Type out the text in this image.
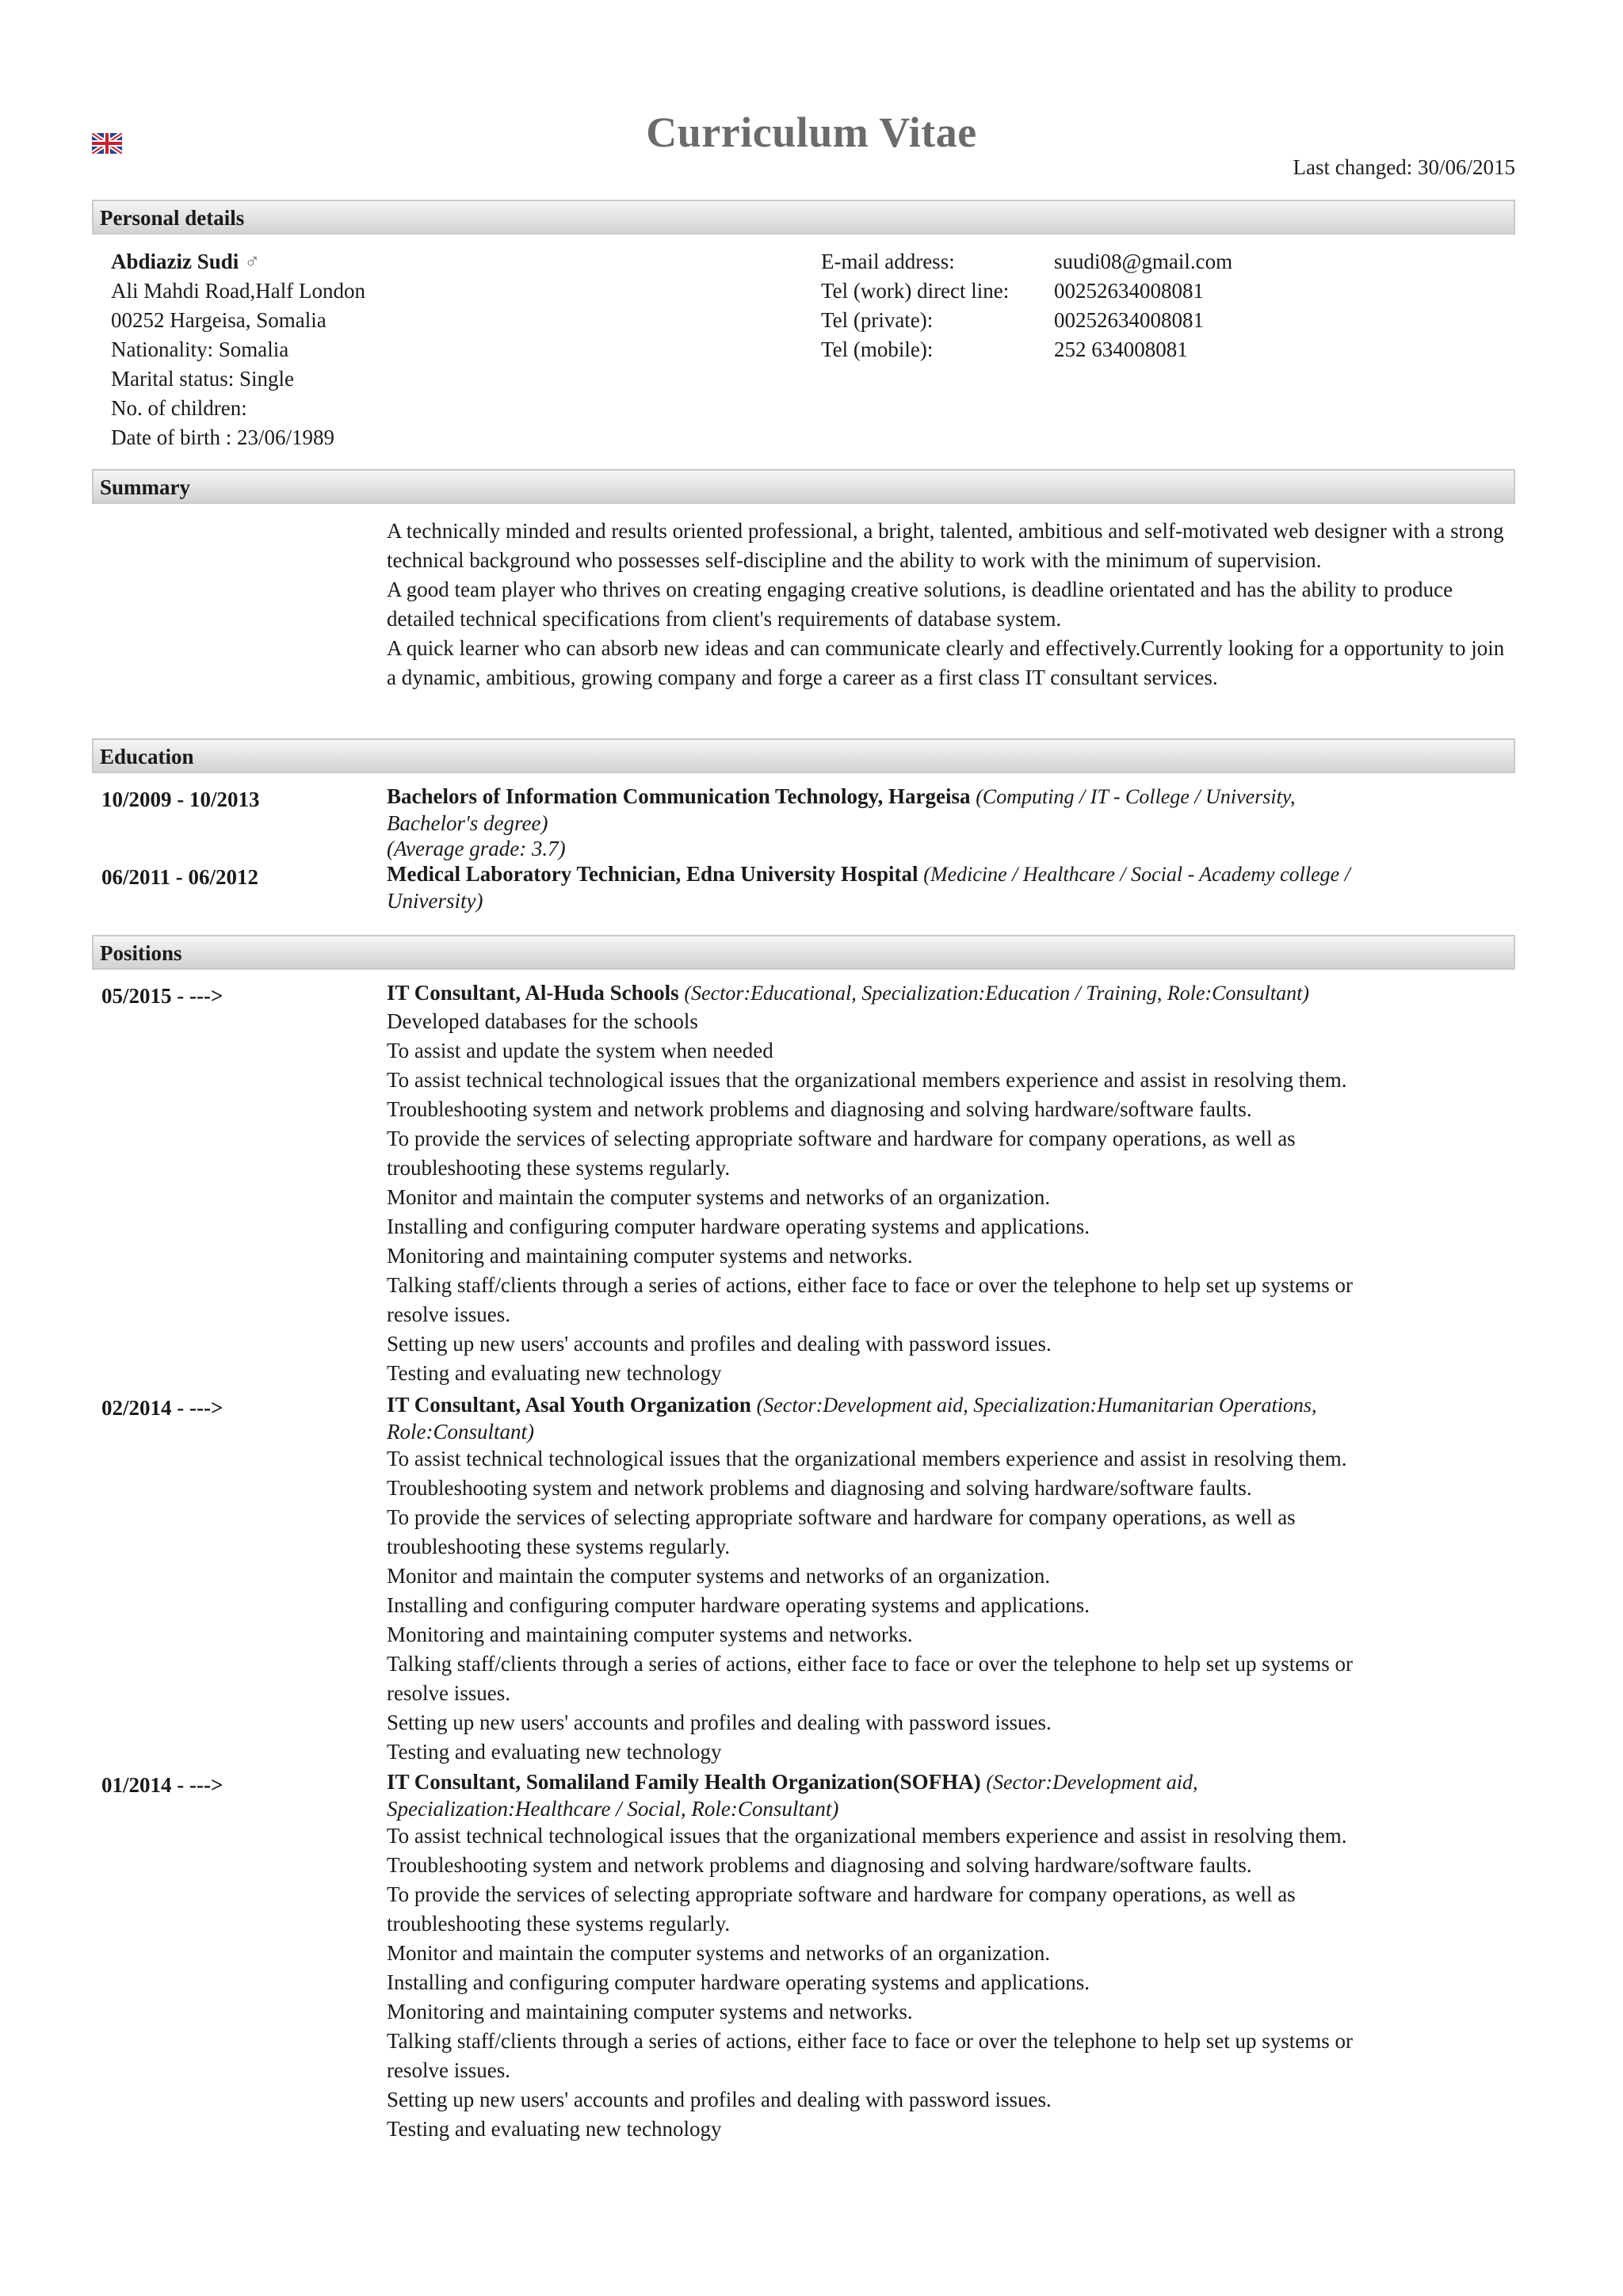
Curriculum Vitae
Last changed: 30/06/2015
Personal details
Abdiaziz Sudi ♂
Ali Mahdi Road,Half London
00252 Hargeisa, Somalia
Nationality: Somalia
Marital status: Single
No. of children:
Date of birth : 23/06/1989
E-mail address:	suudi08@gmail.com
Tel (work) direct line:	00252634008081
Tel (private):	00252634008081
Tel (mobile):	252 634008081
Summary

A technically minded and results oriented professional, a bright, talented, ambitious and self-motivated web designer with a strong technical background who possesses self-discipline and the ability to work with the minimum of supervision.

A good team player who thrives on creating engaging creative solutions, is deadline orientated and has the ability to produce detailed technical specifications from client's requirements of database system.

A quick learner who can absorb new ideas and can communicate clearly and effectively.Currently looking for a opportunity to join a dynamic, ambitious, growing company and forge a career as a first class IT consultant services.

Education
10/2009 - 10/2013	Bachelors of Information Communication Technology, Hargeisa (Computing / IT - College / University,
Bachelor's degree)
(Average grade: 3.7)
06/2011 - 06/2012	Medical Laboratory Technician, Edna University Hospital (Medicine / Healthcare / Social - Academy college /
University)
Positions
05/2015 - --->	IT Consultant, Al-Huda Schools (Sector:Educational, Specialization:Education / Training, Role:Consultant)
Developed databases for the schools
To assist and update the system when needed
To assist technical technological issues that the organizational members experience and assist in resolving them.
Troubleshooting system and network problems and diagnosing and solving hardware/software faults.
To provide the services of selecting appropriate software and hardware for company operations, as well as
troubleshooting these systems regularly.
Monitor and maintain the computer systems and networks of an organization.
Installing and configuring computer hardware operating systems and applications.
Monitoring and maintaining computer systems and networks.
Talking staff/clients through a series of actions, either face to face or over the telephone to help set up systems or
resolve issues.
Setting up new users' accounts and profiles and dealing with password issues.
Testing and evaluating new technology
02/2014 - --->	IT Consultant, Asal Youth Organization (Sector:Development aid, Specialization:Humanitarian Operations,
Role:Consultant)
To assist technical technological issues that the organizational members experience and assist in resolving them.
Troubleshooting system and network problems and diagnosing and solving hardware/software faults.
To provide the services of selecting appropriate software and hardware for company operations, as well as
troubleshooting these systems regularly.
Monitor and maintain the computer systems and networks of an organization.
Installing and configuring computer hardware operating systems and applications.
Monitoring and maintaining computer systems and networks.
Talking staff/clients through a series of actions, either face to face or over the telephone to help set up systems or
resolve issues.
Setting up new users' accounts and profiles and dealing with password issues.
Testing and evaluating new technology
01/2014 - --->	IT Consultant, Somaliland Family Health Organization(SOFHA) (Sector:Development aid,
Specialization:Healthcare / Social, Role:Consultant)
To assist technical technological issues that the organizational members experience and assist in resolving them.
Troubleshooting system and network problems and diagnosing and solving hardware/software faults.
To provide the services of selecting appropriate software and hardware for company operations, as well as
troubleshooting these systems regularly.
Monitor and maintain the computer systems and networks of an organization.
Installing and configuring computer hardware operating systems and applications.
Monitoring and maintaining computer systems and networks.
Talking staff/clients through a series of actions, either face to face or over the telephone to help set up systems or
resolve issues.
Setting up new users' accounts and profiles and dealing with password issues.
Testing and evaluating new technology
